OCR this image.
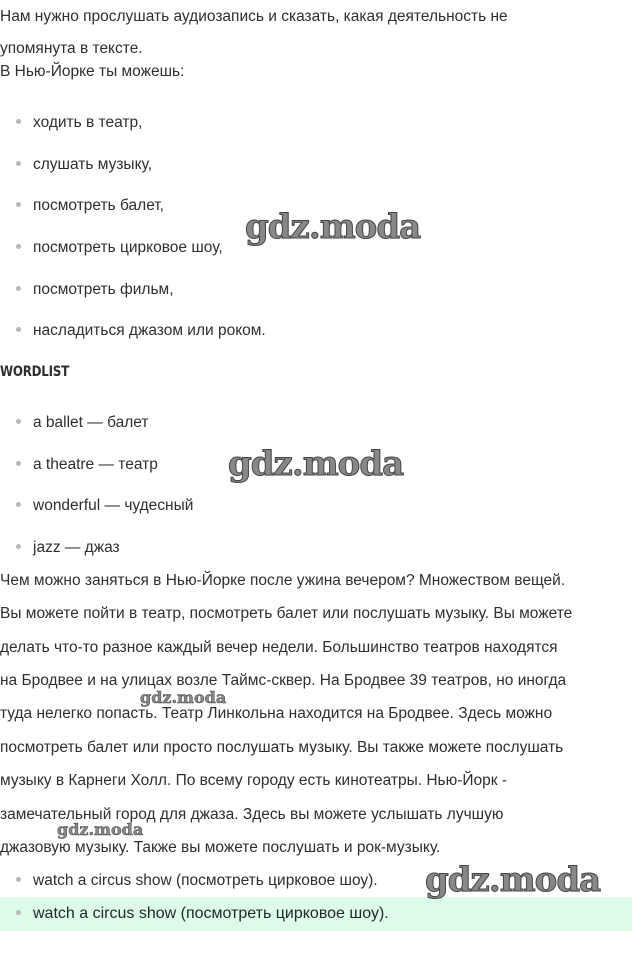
Нам нужно прослушать аудиозапись и сказать, какая деятельность не
упомянута в тексте.
В Нью-Йорке ты можешь:
ходить в театр,
слушать музыку,
посмотреть балет,
посмотреть цирковое шоу,
посмотреть фильм,
насладиться джазом или роком.
WORDLIST
a ballet — балет
a theatre — театр
wonderful — чудесный
jazz — джаз
Чем можно заняться в Нью-Йорке после ужина вечером? Множеством вещей.
Вы можете пойти в театр, посмотреть балет или послушать музыку. Вы можете
делать что-то разное каждый вечер недели. Большинство театров находятся
на Бродвее и на улицах возле Таймс-сквер. На Бродвее 39 театров, но иногда
туда нелегко попасть. Театр Линкольна находится на Бродвее. Здесь можно
посмотреть балет или просто послушать музыку. Вы также можете послушать
музыку в Карнеги Холл. По всему городу есть кинотеатры. Нью-Йорк -
замечательный город для джаза. Здесь вы можете услышать лучшую
джазовую музыку. Также вы можете послушать и рок-музыку.
watch a circus show (посмотреть цирковое шоу).
watch a circus show (посмотреть цирковое шоу).
gdz.moda
gdz.moda
gdz.moda
gdz.moda
gdz.moda
